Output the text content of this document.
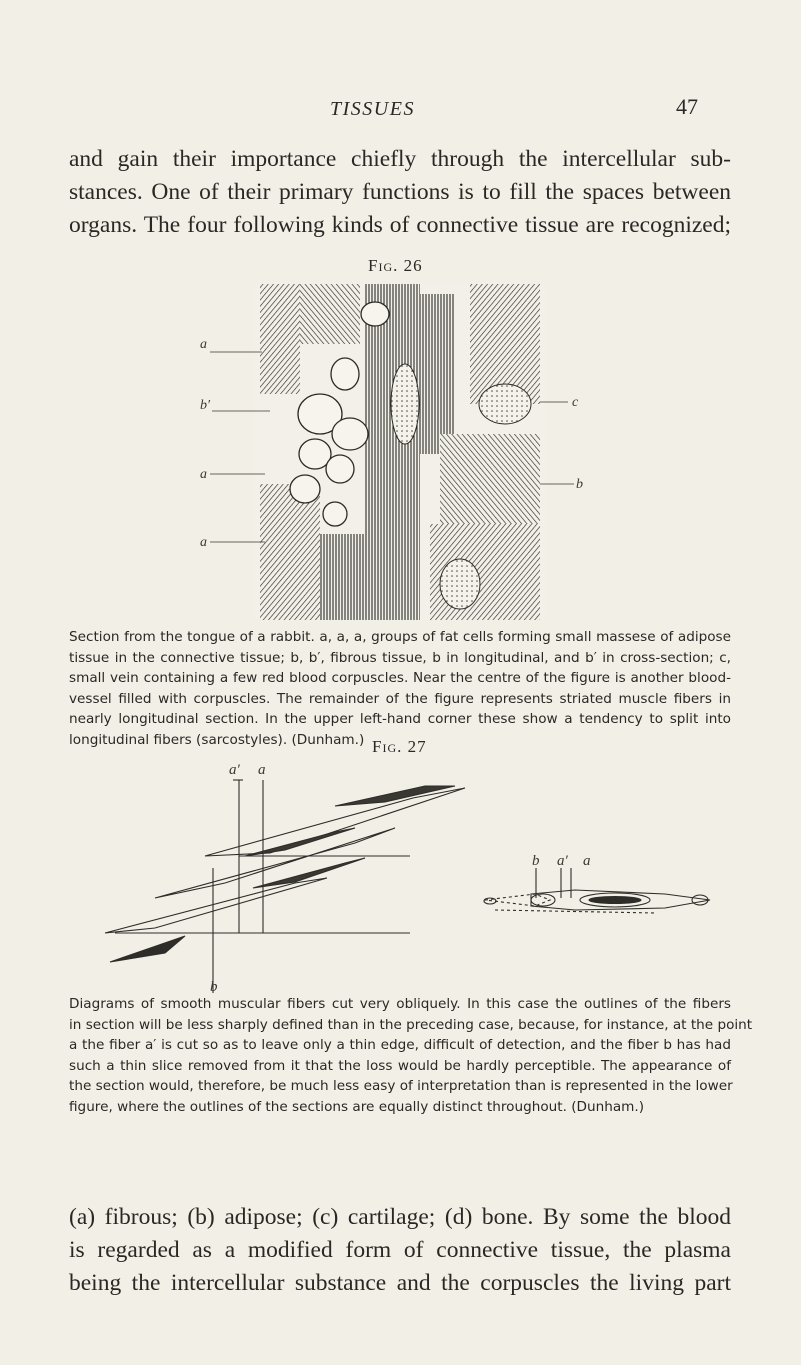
TISSUES	47

and gain their importance chiefly through the intercellular sub-
stances. One of their primary functions is to fill the spaces between
organs. The four following kinds of connective tissue are recognized;

Fig. 26
a
b′
a
a
c
b

Section from the tongue of a rabbit. a, a, a, groups of fat cells forming small massese of adipose
tissue in the connective tissue; b, b′, fibrous tissue, b in longitudinal, and b′ in cross-section; c,
small vein containing a few red blood corpuscles. Near the centre of the figure is another blood-
vessel filled with corpuscles. The remainder of the figure represents striated muscle fibers in
nearly longitudinal section. In the upper left-hand corner these show a tendency to split into
longitudinal fibers (sarcostyles). (Dunham.) Fig. 27
a′ a
b
b a′ a

Diagrams of smooth muscular fibers cut very obliquely. In this case the outlines of the fibers
in section will be less sharply defined than in the preceding case, because, for instance, at the point
a the fiber a′ is cut so as to leave only a thin edge, difficult of detection, and the fiber b has had
such a thin slice removed from it that the loss would be hardly perceptible. The appearance of
the section would, therefore, be much less easy of interpretation than is represented in the lower
figure, where the outlines of the sections are equally distinct throughout. (Dunham.)

(a) fibrous; (b) adipose; (c) cartilage; (d) bone. By some the blood
is regarded as a modified form of connective tissue, the plasma
being the intercellular substance and the corpuscles the living part
